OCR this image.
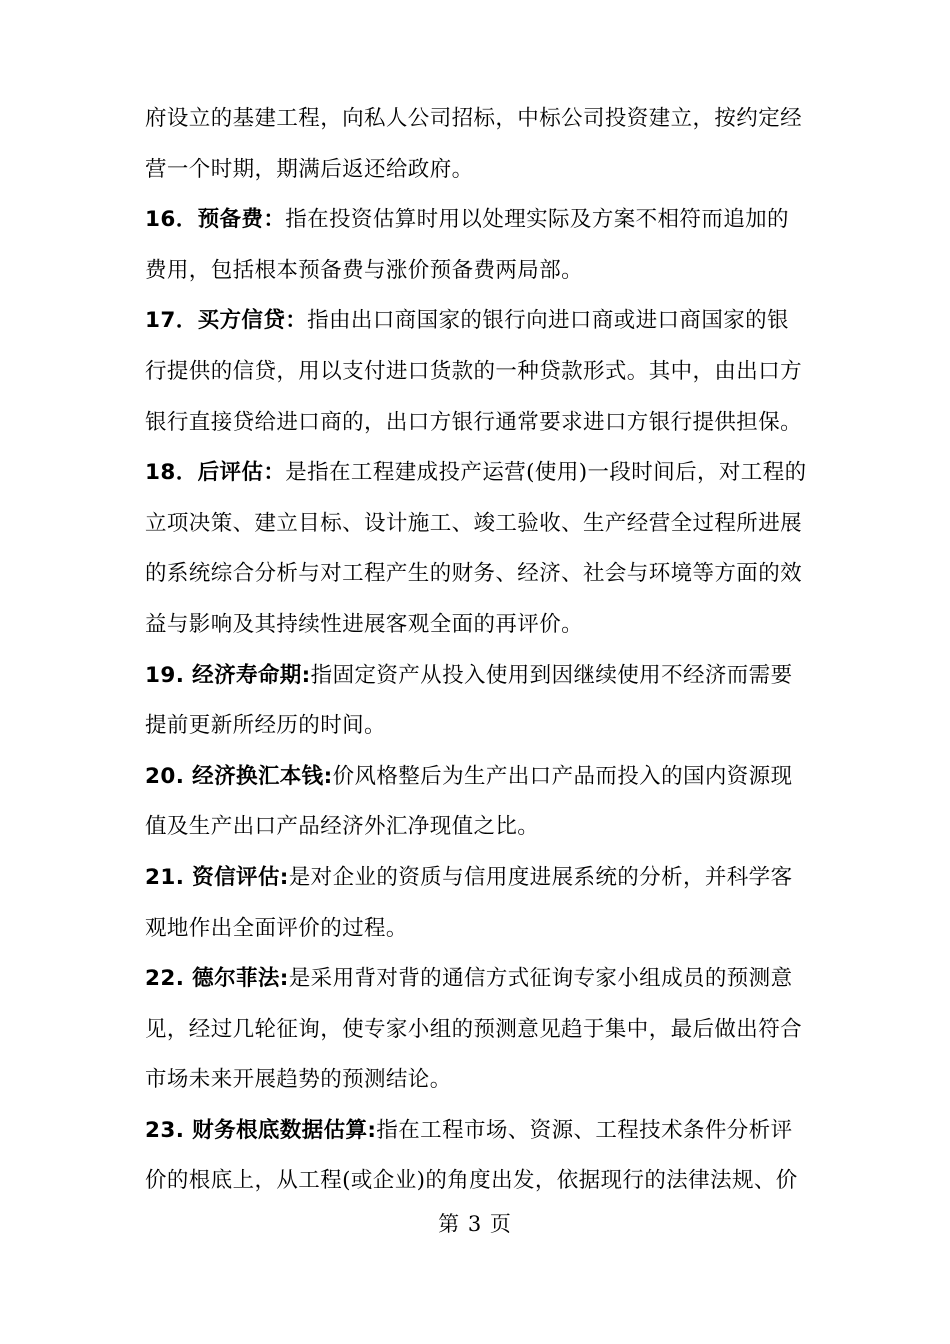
府设立的基建工程，向私人公司招标，中标公司投资建立，按约定经
营一个时期，期满后返还给政府。
16．预备费：指在投资估算时用以处理实际及方案不相符而追加的
费用，包括根本预备费与涨价预备费两局部。
17．买方信贷：指由出口商国家的银行向进口商或进口商国家的银
行提供的信贷，用以支付进口货款的一种贷款形式。其中，由出口方
银行直接贷给进口商的，出口方银行通常要求进口方银行提供担保。
18．后评估：是指在工程建成投产运营(使用)一段时间后，对工程的
立项决策、建立目标、设计施工、竣工验收、生产经营全过程所进展
的系统综合分析与对工程产生的财务、经济、社会与环境等方面的效
益与影响及其持续性进展客观全面的再评价。
19. 经济寿命期:指固定资产从投入使用到因继续使用不经济而需要
提前更新所经历的时间。
20. 经济换汇本钱:价风格整后为生产出口产品而投入的国内资源现
值及生产出口产品经济外汇净现值之比。
21. 资信评估:是对企业的资质与信用度进展系统的分析，并科学客
观地作出全面评价的过程。
22. 德尔菲法:是采用背对背的通信方式征询专家小组成员的预测意
见，经过几轮征询，使专家小组的预测意见趋于集中，最后做出符合
市场未来开展趋势的预测结论。
23. 财务根底数据估算:指在工程市场、资源、工程技术条件分析评
价的根底上，从工程(或企业)的角度出发，依据现行的法律法规、价
第 3 页
